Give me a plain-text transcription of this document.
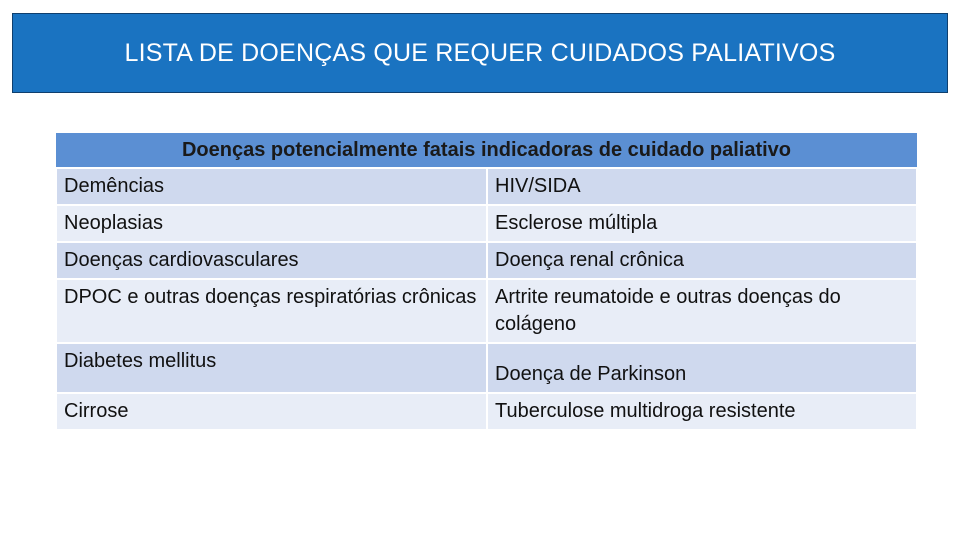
LISTA DE DOENÇAS QUE REQUER CUIDADOS PALIATIVOS
Doenças potencialmente fatais indicadoras de cuidado paliativo	
Demências	HIV/SIDA
Neoplasias	Esclerose múltipla
Doenças cardiovasculares	Doença renal crônica
DPOC e outras doenças respiratórias crônicas	Artrite reumatoide e outras doenças do colágeno
Diabetes mellitus	Doença de Parkinson
Cirrose	Tuberculose multidroga resistente
